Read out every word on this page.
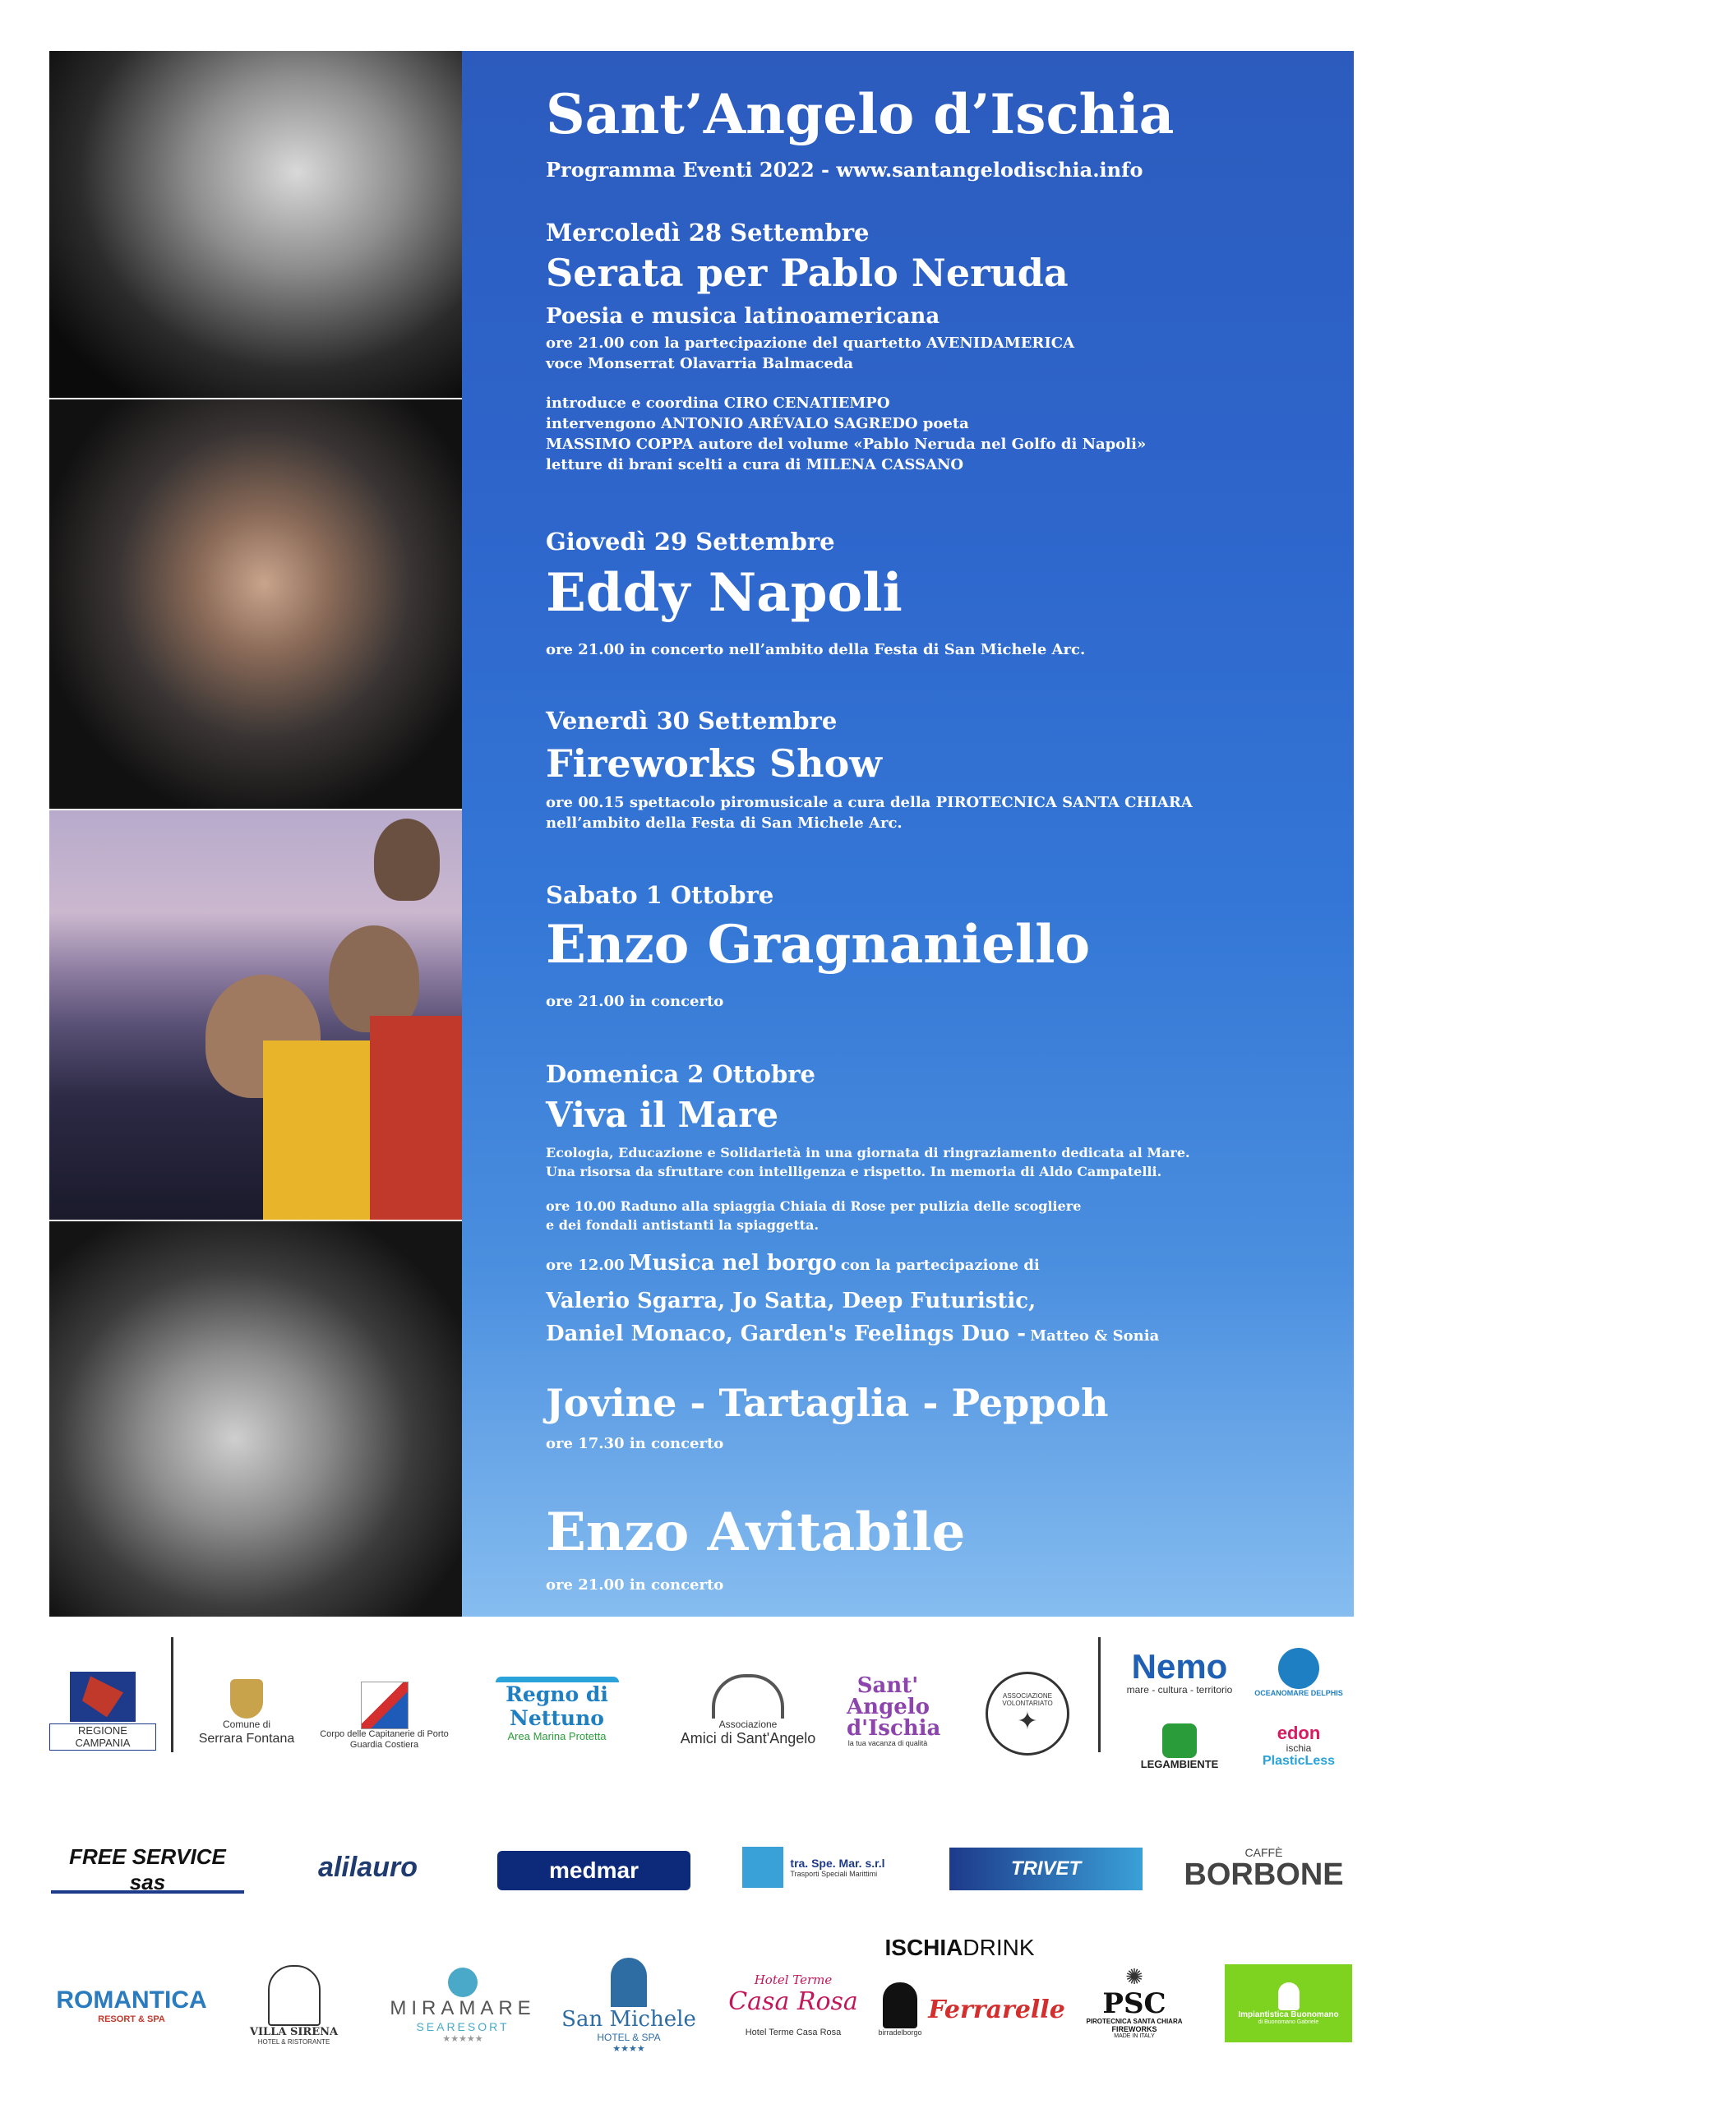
Sant’Angelo d’Ischia
Programma Eventi 2022 - www.santangelodischia.info
Mercoledì 28 Settembre
Serata per Pablo Neruda
Poesia e musica latinoamericana
ore 21.00 con la partecipazione del quartetto AVENIDAMERICA
voce Monserrat Olavarria Balmaceda
introduce e coordina CIRO CENATIEMPO
intervengono ANTONIO ARÉVALO SAGREDO poeta
MASSIMO COPPA autore del volume «Pablo Neruda nel Golfo di Napoli»
letture di brani scelti a cura di MILENA CASSANO
Giovedì 29 Settembre
Eddy Napoli
ore 21.00 in concerto nell’ambito della Festa di San Michele Arc.
Venerdì 30 Settembre
Fireworks Show
ore 00.15 spettacolo piromusicale a cura della PIROTECNICA SANTA CHIARA
nell’ambito della Festa di San Michele Arc.
Sabato 1 Ottobre
Enzo Gragnaniello
ore 21.00 in concerto
Domenica 2 Ottobre
Viva il Mare
Ecologia, Educazione e Solidarietà in una giornata di ringraziamento dedicata al Mare.
Una risorsa da sfruttare con intelligenza e rispetto. In memoria di Aldo Campatelli.
ore 10.00 Raduno alla spiaggia Chiaia di Rose per pulizia delle scogliere
e dei fondali antistanti la spiaggetta.
ore 12.00 Musica nel borgo con la partecipazione di
Valerio Sgarra, Jo Satta, Deep Futuristic,
Daniel Monaco, Garden's Feelings Duo - Matteo & Sonia
Jovine - Tartaglia - Peppoh
ore 17.30 in concerto
Enzo Avitabile
ore 21.00 in concerto	Giù Iacono Divina
direzione artistica
REGIONE CAMPANIA
Comune di
Serrara Fontana	Corpo delle Capitanerie di Porto
Guardia Costiera
Regno di Nettuno
Area Marina Protetta
Associazione
Amici di Sant'Angelo
Sant' Angelo d'Ischia
la tua vacanza di qualità
ASSOCIAZIONE VOLONTARIATO
✦
Nemo
mare - cultura - territorio	OCEANOMARE DELPHIS
LEGAMBIENTE
edon
ischia
PlasticLess
FREE SERVICE sas	alilauro	medmar	tra. Spe. Mar. s.r.l
Trasporti Speciali Marittimi	TRIVET
CAFFÈ
BORBONE
ROMANTICA
RESORT & SPA
VILLA SIRENA
HOTEL & RISTORANTE
MIRAMARE
SEARESORT
★★★★★
San Michele
HOTEL & SPA
★★★★
Hotel Terme
Casa Rosa
Hotel Terme Casa Rosa
ISCHIA DRINK
birradelborgo
Ferrarelle
✺
PSC
PIROTECNICA SANTA CHIARA
FIREWORKS
MADE IN ITALY
Impiantistica Buonomano
di Buonomano Gabriele
